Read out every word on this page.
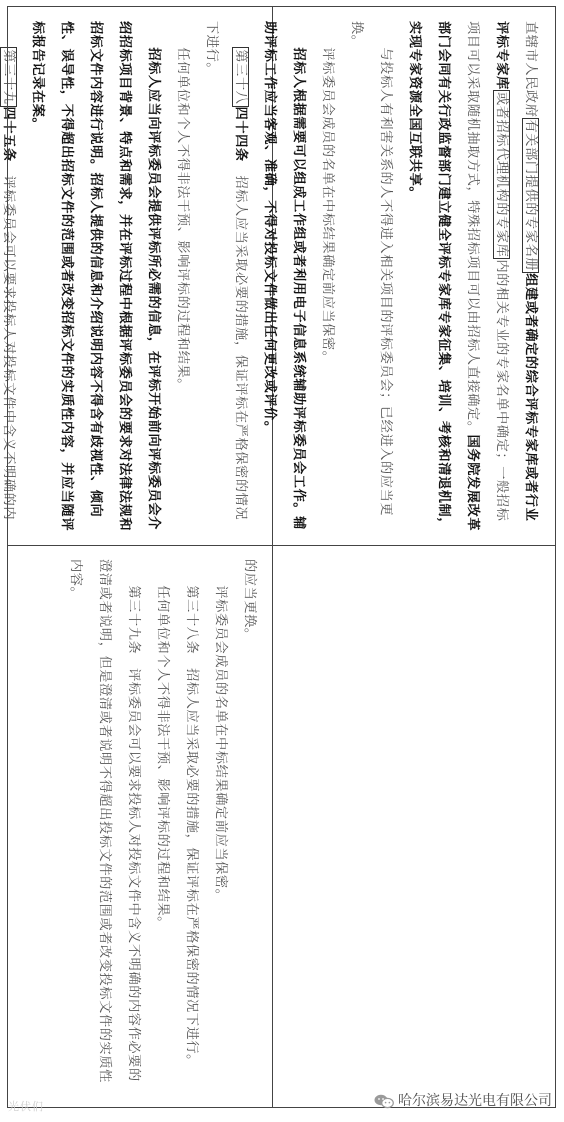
直辖市人民政府有关部门提供的专家名册组建或者确定的综合评标专家库或者行业评标专家库或者招标代理机构的专家库内的相关专业的专家名单中确定；一般招标项目可以采取随机抽取方式，特殊招标项目可以由招标人直接确定。国务院发展改革部门会同有关行政监督部门建立健全评标专家库专家征集、培训、考核和清退机制，实现专家资源全国互联共享。

与投标人有利害关系的人不得进入相关项目的评标委员会；已经进入的应当更换。

评标委员会成员的名单在中标结果确定前应当保密。

招标人根据需要可以组成工作组或者利用电子信息系统辅助评标委员会工作。辅助评标工作应当客观、准确，不得对投标文件做出任何更改或评价。

第三十八四十四条　招标人应当采取必要的措施，保证评标在严格保密的情况下进行。

任何单位和个人不得非法干预、影响评标的过程和结果。

招标人应当向评标委员会提供评标所必需的信息，在评标开始前向评标委员会介绍招标项目背景、特点和需求，并在评标过程中根据评标委员会的要求对法律法规和招标文件内容进行说明。招标人提供的信息和介绍说明内容不得含有歧视性、倾向性、误导性，不得超出招标文件的范围或者改变招标文件的实质性内容，并应当随评标报告记录在案。

第三十九四十五条　评标委员会可以要求投标人对投标文件中含义不明确的内

的应当更换。

评标委员会成员的名单在中标结果确定前应当保密。

第三十八条　招标人应当采取必要的措施，保证评标在严格保密的情况下进行。

任何单位和个人不得非法干预、影响评标的过程和结果。

第三十九条　评标委员会可以要求投标人对投标文件中含义不明确的内容作必要的澄清或者说明，但是澄清或者说明不得超出投标文件的范围或者改变投标文件的实质性内容。

哈尔滨易达光电有限公司
光伏们
